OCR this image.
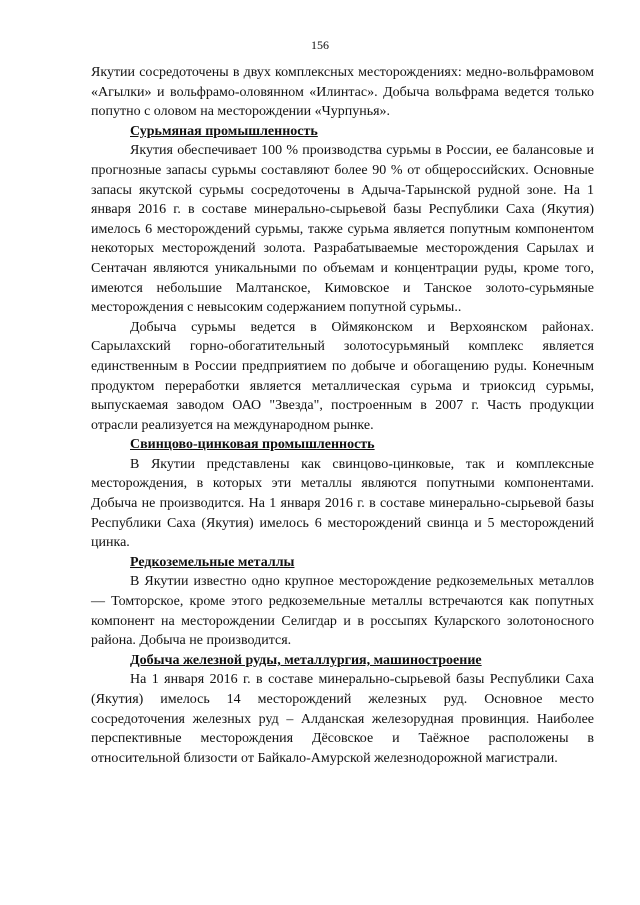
156

Якутии сосредоточены в двух комплексных месторождениях: медно-вольфрамовом «Агылки» и вольфрамо-оловянном «Илинтас». Добыча вольфрама ведется только попутно с оловом на месторождении «Чурпунья».

Сурьмяная промышленность

Якутия обеспечивает 100 % производства сурьмы в России, ее балансовые и прогнозные запасы сурьмы составляют более 90 % от общероссийских. Основные запасы якутской сурьмы сосредоточены в Адыча-Тарынской рудной зоне. На 1 января 2016 г. в составе минерально-сырьевой базы Республики Саха (Якутия) имелось 6 месторождений сурьмы, также сурьма является попутным компонентом некоторых месторождений золота. Разрабатываемые месторождения Сарылах и Сентачан являются уникальными по объемам и концентрации руды, кроме того, имеются небольшие Малтанское, Кимовское и Танское золото-сурьмяные месторождения с невысоким содержанием попутной сурьмы..

Добыча сурьмы ведется в Оймяконском и Верхоянском районах. Сарылахский горно-обогатительный золотосурьмяный комплекс является единственным в России предприятием по добыче и обогащению руды. Конечным продуктом переработки является металлическая сурьма и триоксид сурьмы, выпускаемая заводом ОАО "Звезда", построенным в 2007 г. Часть продукции отрасли реализуется на международном рынке.

Свинцово-цинковая промышленность

В Якутии представлены как свинцово-цинковые, так и комплексные месторождения, в которых эти металлы являются попутными компонентами. Добыча не производится. На 1 января 2016 г. в составе минерально-сырьевой базы Республики Саха (Якутия) имелось 6 месторождений свинца и 5 месторождений цинка.

Редкоземельные металлы

В Якутии известно одно крупное месторождение редкоземельных металлов — Томторское, кроме этого редкоземельные металлы встречаются как попутных компонент на месторождении Селигдар и в россыпях Куларского золотоносного района. Добыча не производится.

Добыча железной руды, металлургия, машиностроение

На 1 января 2016 г. в составе минерально-сырьевой базы Республики Саха (Якутия) имелось 14 месторождений железных руд. Основное место сосредоточения железных руд – Алданская железорудная провинция. Наиболее перспективные месторождения Дёсовское и Таёжное расположены в относительной близости от Байкало-Амурской железнодорожной магистрали.
